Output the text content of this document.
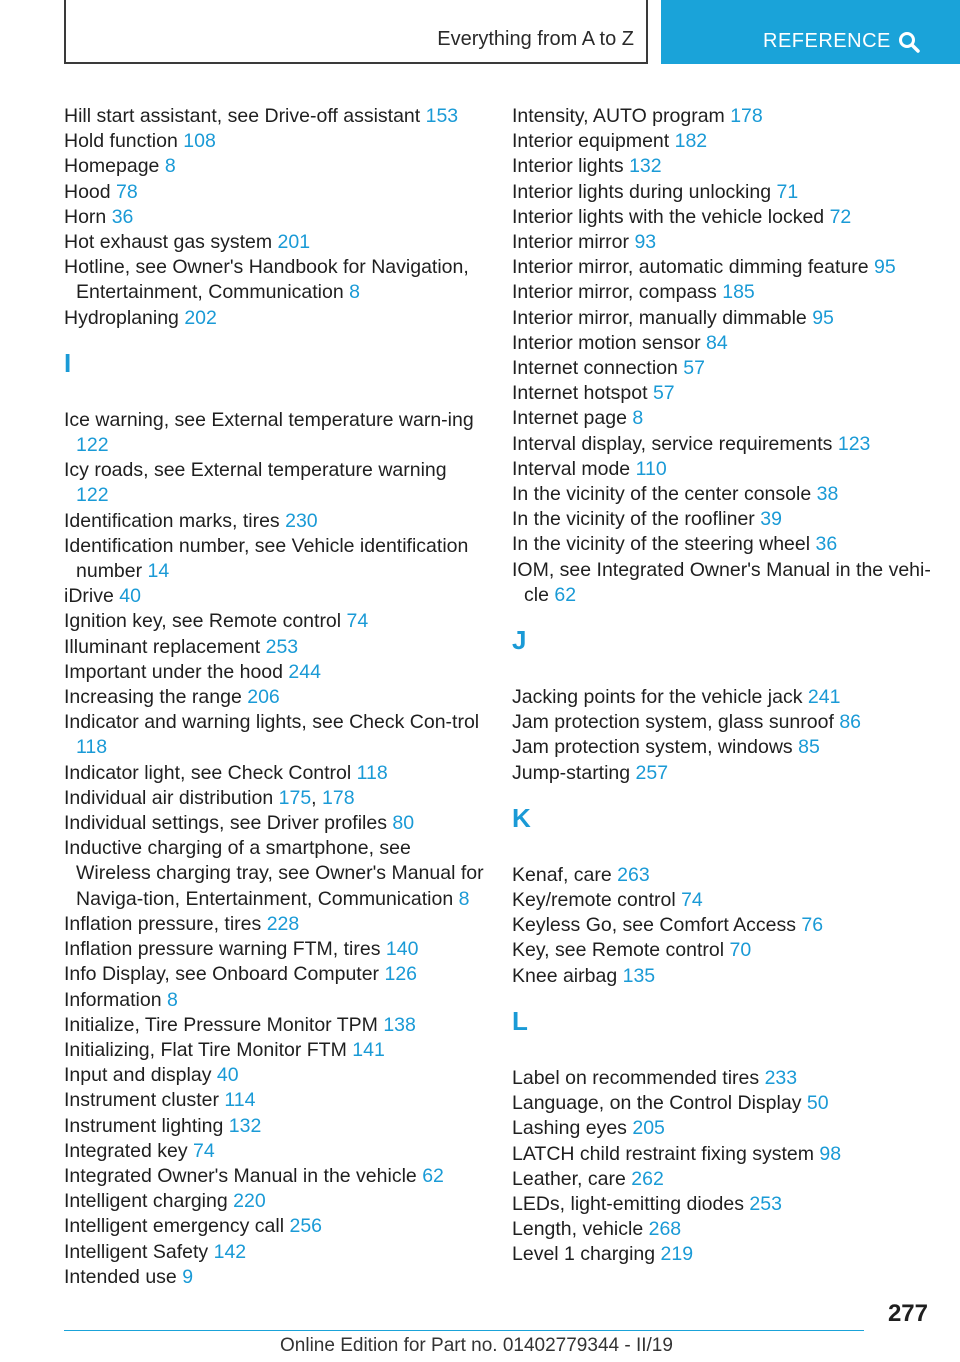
Everything from A to Z	REFERENCE
Hill start assistant, see Drive-off assistant 153
Hold function 108
Homepage 8
Hood 78
Horn 36
Hot exhaust gas system 201
Hotline, see Owner's Handbook for Navigation, Entertainment, Communication 8
Hydroplaning 202
I
Ice warning, see External temperature warn-ing 122
Icy roads, see External temperature warning 122
Identification marks, tires 230
Identification number, see Vehicle identification number 14
iDrive 40
Ignition key, see Remote control 74
Illuminant replacement 253
Important under the hood 244
Increasing the range 206
Indicator and warning lights, see Check Con-trol 118
Indicator light, see Check Control 118
Individual air distribution 175, 178
Individual settings, see Driver profiles 80
Inductive charging of a smartphone, see Wireless charging tray, see Owner's Manual for Naviga-tion, Entertainment, Communication 8
Inflation pressure, tires 228
Inflation pressure warning FTM, tires 140
Info Display, see Onboard Computer 126
Information 8
Initialize, Tire Pressure Monitor TPM 138
Initializing, Flat Tire Monitor FTM 141
Input and display 40
Instrument cluster 114
Instrument lighting 132
Integrated key 74
Integrated Owner's Manual in the vehicle 62
Intelligent charging 220
Intelligent emergency call 256
Intelligent Safety 142
Intended use 9
Intensity, AUTO program 178
Interior equipment 182
Interior lights 132
Interior lights during unlocking 71
Interior lights with the vehicle locked 72
Interior mirror 93
Interior mirror, automatic dimming feature 95
Interior mirror, compass 185
Interior mirror, manually dimmable 95
Interior motion sensor 84
Internet connection 57
Internet hotspot 57
Internet page 8
Interval display, service requirements 123
Interval mode 110
In the vicinity of the center console 38
In the vicinity of the roofliner 39
In the vicinity of the steering wheel 36
IOM, see Integrated Owner's Manual in the vehi-cle 62
J
Jacking points for the vehicle jack 241
Jam protection system, glass sunroof 86
Jam protection system, windows 85
Jump-starting 257
K
Kenaf, care 263
Key/remote control 74
Keyless Go, see Comfort Access 76
Key, see Remote control 70
Knee airbag 135
L
Label on recommended tires 233
Language, on the Control Display 50
Lashing eyes 205
LATCH child restraint fixing system 98
Leather, care 262
LEDs, light-emitting diodes 253
Length, vehicle 268
Level 1 charging 219
277
Online Edition for Part no. 01402779344 - II/19
